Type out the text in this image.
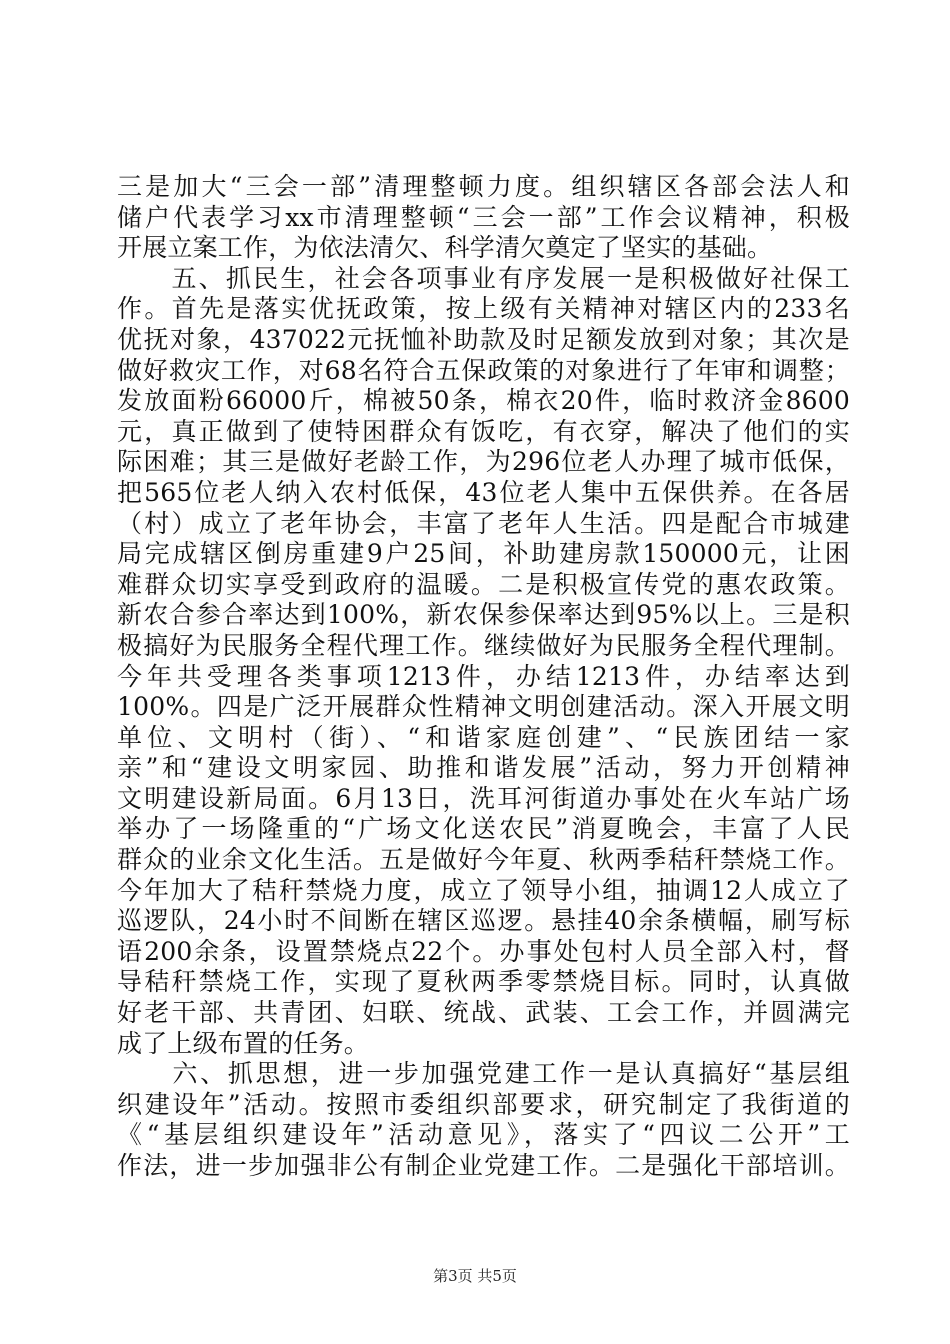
三是加大“三会一部”清理整顿力度。组织辖区各部会法人和
储户代表学习xx市清理整顿“三会一部”工作会议精神，积极
开展立案工作，为依法清欠、科学清欠奠定了坚实的基础。
　　五、抓民生，社会各项事业有序发展一是积极做好社保工
作。首先是落实优抚政策，按上级有关精神对辖区内的233名
优抚对象，437022元抚恤补助款及时足额发放到对象；其次是
做好救灾工作，对68名符合五保政策的对象进行了年审和调整；
发放面粉66000斤，棉被50条，棉衣20件，临时救济金8600
元，真正做到了使特困群众有饭吃，有衣穿，解决了他们的实
际困难；其三是做好老龄工作，为296位老人办理了城市低保，
把565位老人纳入农村低保，43位老人集中五保供养。在各居
（村）成立了老年协会，丰富了老年人生活。四是配合市城建
局完成辖区倒房重建9户25间，补助建房款150000元，让困
难群众切实享受到政府的温暖。二是积极宣传党的惠农政策。
新农合参合率达到100%，新农保参保率达到95%以上。三是积
极搞好为民服务全程代理工作。继续做好为民服务全程代理制。
今年共受理各类事项1213件，办结1213件，办结率达到
100%。四是广泛开展群众性精神文明创建活动。深入开展文明
单位、文明村（街）、“和谐家庭创建”、“民族团结一家
亲”和“建设文明家园、助推和谐发展”活动，努力开创精神
文明建设新局面。6月13日，洗耳河街道办事处在火车站广场
举办了一场隆重的“广场文化送农民”消夏晚会，丰富了人民
群众的业余文化生活。五是做好今年夏、秋两季秸秆禁烧工作。
今年加大了秸秆禁烧力度，成立了领导小组，抽调12人成立了
巡逻队，24小时不间断在辖区巡逻。悬挂40余条横幅，刷写标
语200余条，设置禁烧点22个。办事处包村人员全部入村，督
导秸秆禁烧工作，实现了夏秋两季零禁烧目标。同时，认真做
好老干部、共青团、妇联、统战、武装、工会工作，并圆满完
成了上级布置的任务。
　　六、抓思想，进一步加强党建工作一是认真搞好“基层组
织建设年”活动。按照市委组织部要求，研究制定了我街道的
《“基层组织建设年”活动意见》，落实了“四议二公开”工
作法，进一步加强非公有制企业党建工作。二是强化干部培训。
第3页 共5页
